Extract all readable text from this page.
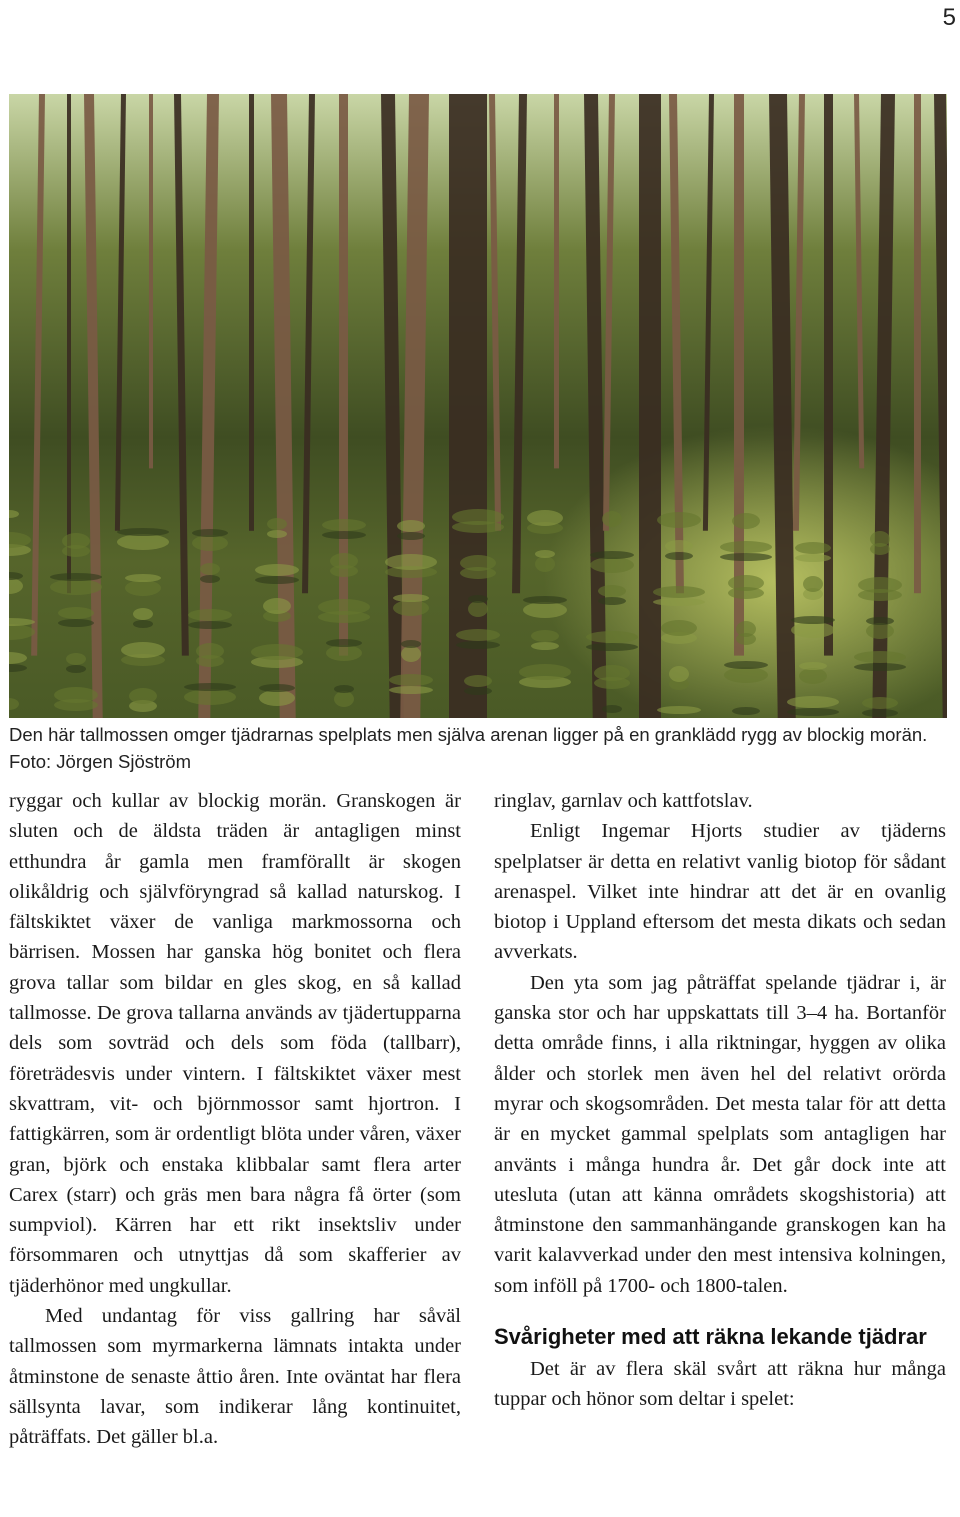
5
Den här tallmossen omger tjädrarnas spelplats men själva arenan ligger på en granklädd rygg av blockig morän. Foto: Jörgen Sjöström

ryggar och kullar av blockig morän. Granskogen är sluten och de äldsta träden är antagligen minst etthundra år gamla men framförallt är skogen olikåldrig och självföryngrad så kallad naturskog. I fältskiktet växer de vanliga markmossorna och bärrisen. Mossen har ganska hög bonitet och flera grova tallar som bildar en gles skog, en så kallad tallmosse. De grova tallarna används av tjädertupparna dels som sovträd och dels som föda (tallbarr), företrädesvis under vintern. I fältskiktet växer mest skvattram, vit- och björnmossor samt hjortron. I fattigkärren, som är ordentligt blöta under våren, växer gran, björk och enstaka klibbalar samt flera arter Carex (starr) och gräs men bara några få örter (som sumpviol). Kärren har ett rikt insektsliv under försommaren och utnyttjas då som skafferier av tjäderhönor med ungkullar.

Med undantag för viss gallring har såväl tallmossen som myrmarkerna lämnats intakta under åtminstone de senaste åttio åren. Inte oväntat har flera sällsynta lavar, som indikerar lång kontinuitet, påträffats. Det gäller bl.a.

ringlav, garnlav och kattfotslav.

Enligt Ingemar Hjorts studier av tjäderns spelplatser är detta en relativt vanlig biotop för sådant arenaspel. Vilket inte hindrar att det är en ovanlig biotop i Uppland eftersom det mesta dikats och sedan avverkats.

Den yta som jag påträffat spelande tjädrar i, är ganska stor och har uppskattats till 3–4 ha. Bortanför detta område finns, i alla riktningar, hyggen av olika ålder och storlek men även hel del relativt orörda myrar och skogsområden. Det mesta talar för att detta är en mycket gammal spelplats som antagligen har använts i många hundra år. Det går dock inte att utesluta (utan att känna områdets skogshistoria) att åtminstone den sammanhängande granskogen kan ha varit kalavverkad under den mest intensiva kolningen, som inföll på 1700- och 1800-talen.

Svårigheter med att räkna lekande tjädrar

Det är av flera skäl svårt att räkna hur många tuppar och hönor som deltar i spelet:
